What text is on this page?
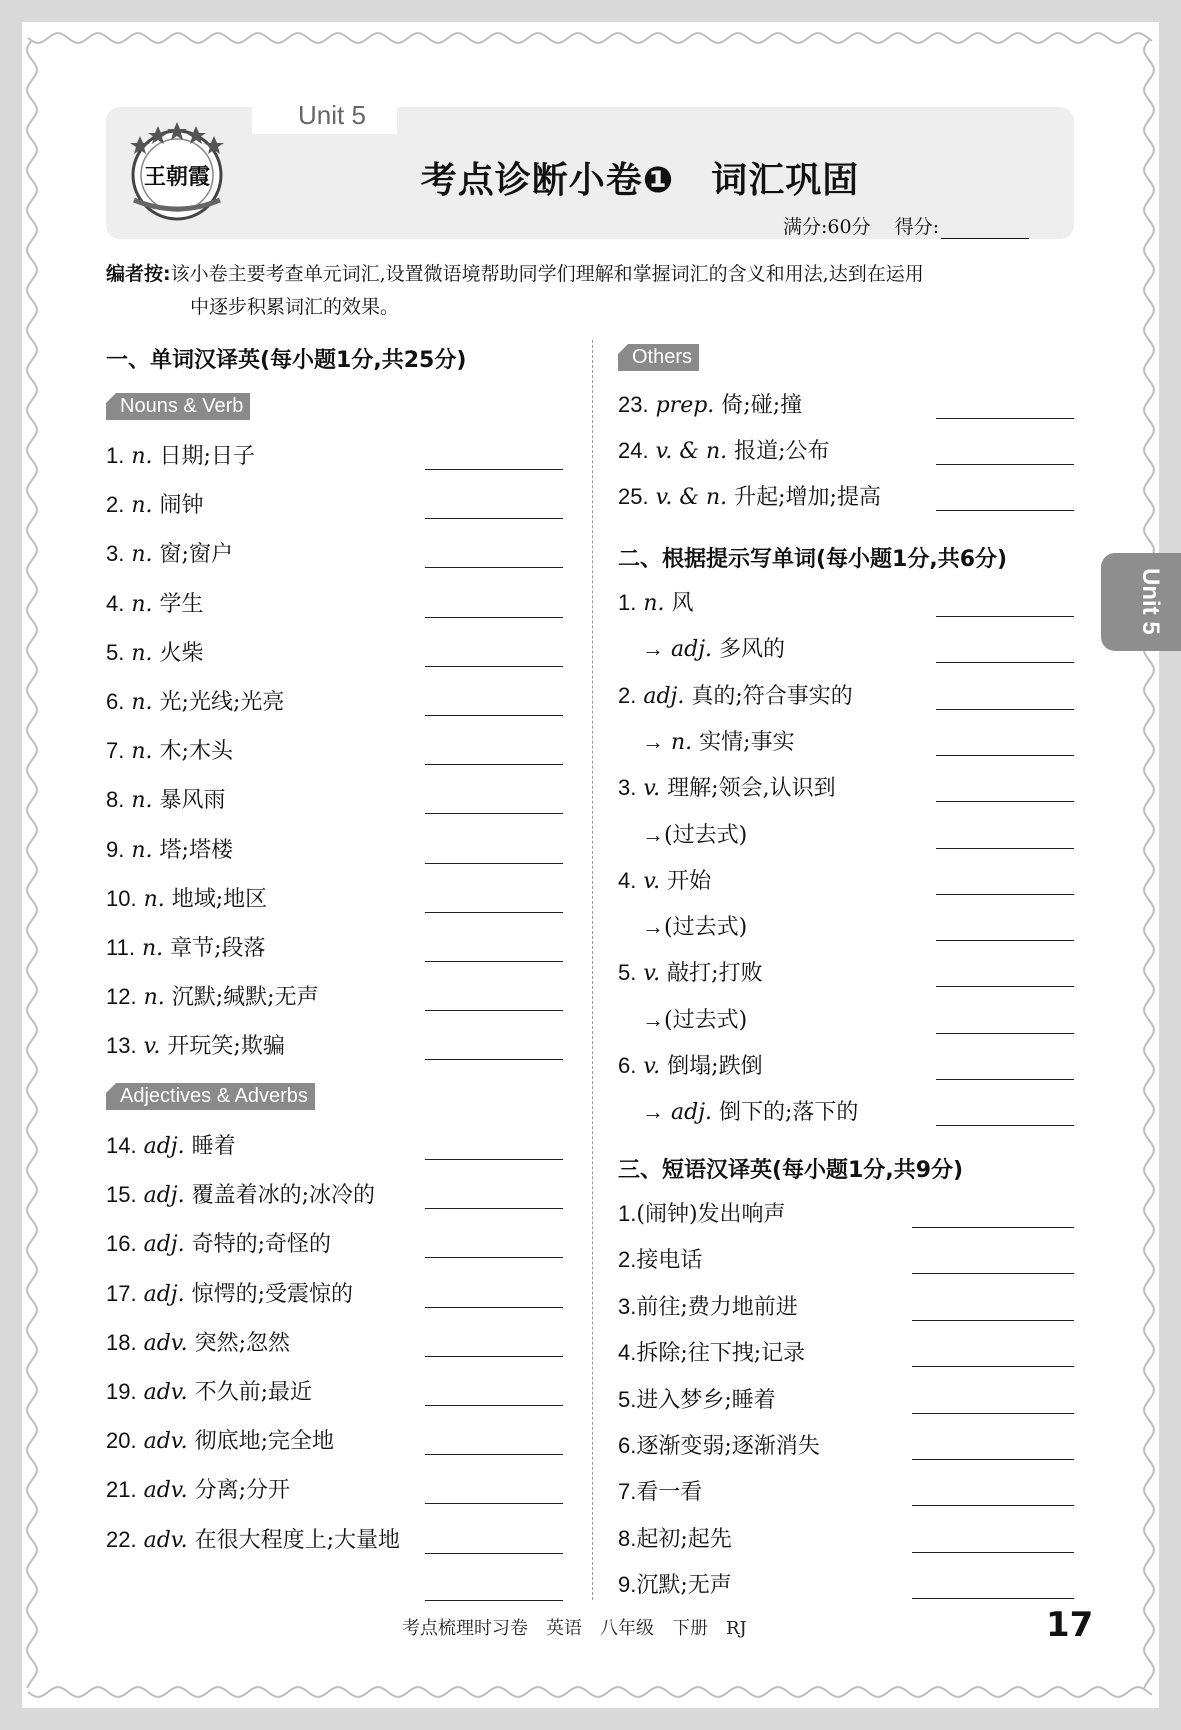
Unit 5
王朝霞	考点诊断小卷❶　词汇巩固
满分:60分 得分:
编者按:该小卷主要考查单元词汇,设置微语境帮助同学们理解和掌握词汇的含义和用法,达到在运用
中逐步积累词汇的效果。
一、单词汉译英(每小题1分,共25分)
Nouns & Verb
Adjectives & Adverbs
Others
1. n. 日期;日子
2. n. 闹钟
3. n. 窗;窗户
4. n. 学生
5. n. 火柴
6. n. 光;光线;光亮
7. n. 木;木头
8. n. 暴风雨
9. n. 塔;塔楼
10. n. 地域;地区
11. n. 章节;段落
12. n. 沉默;缄默;无声
13. v. 开玩笑;欺骗
14. adj. 睡着
15. adj. 覆盖着冰的;冰冷的
16. adj. 奇特的;奇怪的
17. adj. 惊愕的;受震惊的
18. adv. 突然;忽然
19. adv. 不久前;最近
20. adv. 彻底地;完全地
21. adv. 分离;分开
22. adv. 在很大程度上;大量地
23. prep. 倚;碰;撞
24. v. & n. 报道;公布
25. v. & n. 升起;增加;提高
二、根据提示写单词(每小题1分,共6分)
1. n. 风
→ adj. 多风的
2. adj. 真的;符合事实的
→ n. 实情;事实
3. v. 理解;领会,认识到
→(过去式)
4. v. 开始
→(过去式)
5. v. 敲打;打败
→(过去式)
6. v. 倒塌;跌倒
→ adj. 倒下的;落下的
三、短语汉译英(每小题1分,共9分)
1.(闹钟)发出响声
2.接电话
3.前往;费力地前进
4.拆除;往下拽;记录
5.进入梦乡;睡着
6.逐渐变弱;逐渐消失
7.看一看
8.起初;起先
9.沉默;无声
考点梳理时习卷　英语　八年级　下册　RJ	17
Unit 5
